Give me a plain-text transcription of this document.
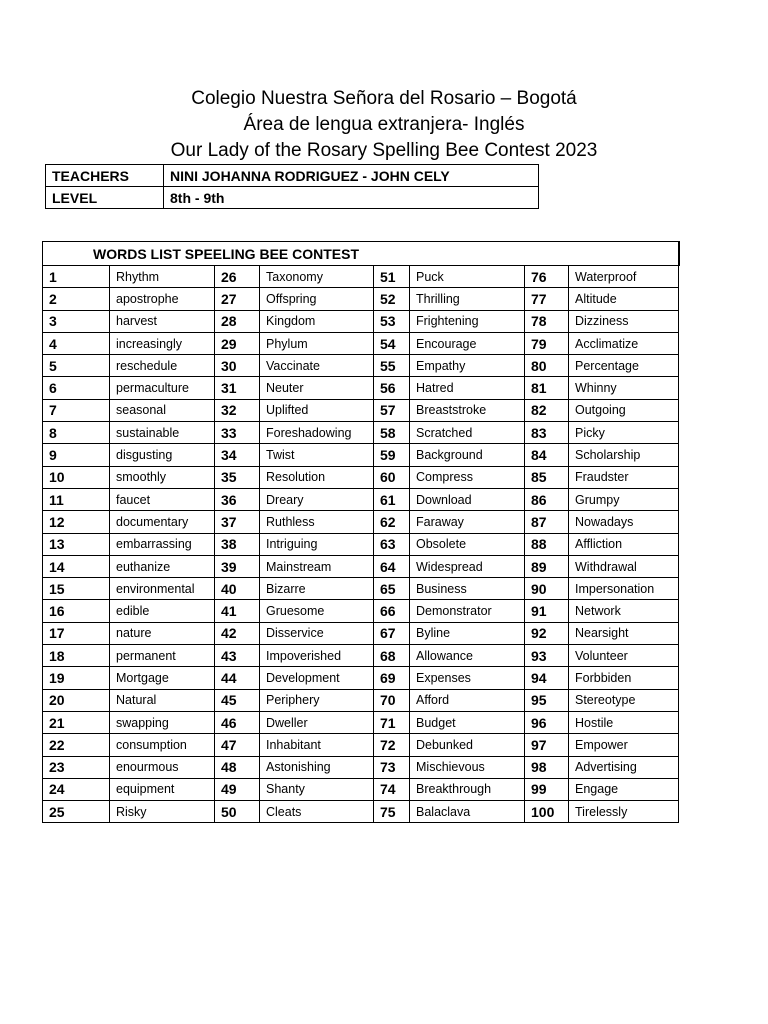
Colegio Nuestra Señora del Rosario – Bogotá
Área de lengua extranjera- Inglés
Our Lady of the Rosary Spelling Bee Contest 2023
TEACHERS	NINI JOHANNA RODRIGUEZ - JOHN CELY
LEVEL	8th - 9th
WORDS LIST SPEELING BEE CONTEST							
1	Rhythm	26	Taxonomy	51	Puck	76	Waterproof
2	apostrophe	27	Offspring	52	Thrilling	77	Altitude
3	harvest	28	Kingdom	53	Frightening	78	Dizziness
4	increasingly	29	Phylum	54	Encourage	79	Acclimatize
5	reschedule	30	Vaccinate	55	Empathy	80	Percentage
6	permaculture	31	Neuter	56	Hatred	81	Whinny
7	seasonal	32	Uplifted	57	Breaststroke	82	Outgoing
8	sustainable	33	Foreshadowing	58	Scratched	83	Picky
9	disgusting	34	Twist	59	Background	84	Scholarship
10	smoothly	35	Resolution	60	Compress	85	Fraudster
11	faucet	36	Dreary	61	Download	86	Grumpy
12	documentary	37	Ruthless	62	Faraway	87	Nowadays
13	embarrassing	38	Intriguing	63	Obsolete	88	Affliction
14	euthanize	39	Mainstream	64	Widespread	89	Withdrawal
15	environmental	40	Bizarre	65	Business	90	Impersonation
16	edible	41	Gruesome	66	Demonstrator	91	Network
17	nature	42	Disservice	67	Byline	92	Nearsight
18	permanent	43	Impoverished	68	Allowance	93	Volunteer
19	Mortgage	44	Development	69	Expenses	94	Forbbiden
20	Natural	45	Periphery	70	Afford	95	Stereotype
21	swapping	46	Dweller	71	Budget	96	Hostile
22	consumption	47	Inhabitant	72	Debunked	97	Empower
23	enourmous	48	Astonishing	73	Mischievous	98	Advertising
24	equipment	49	Shanty	74	Breakthrough	99	Engage
25	Risky	50	Cleats	75	Balaclava	100	Tirelessly
